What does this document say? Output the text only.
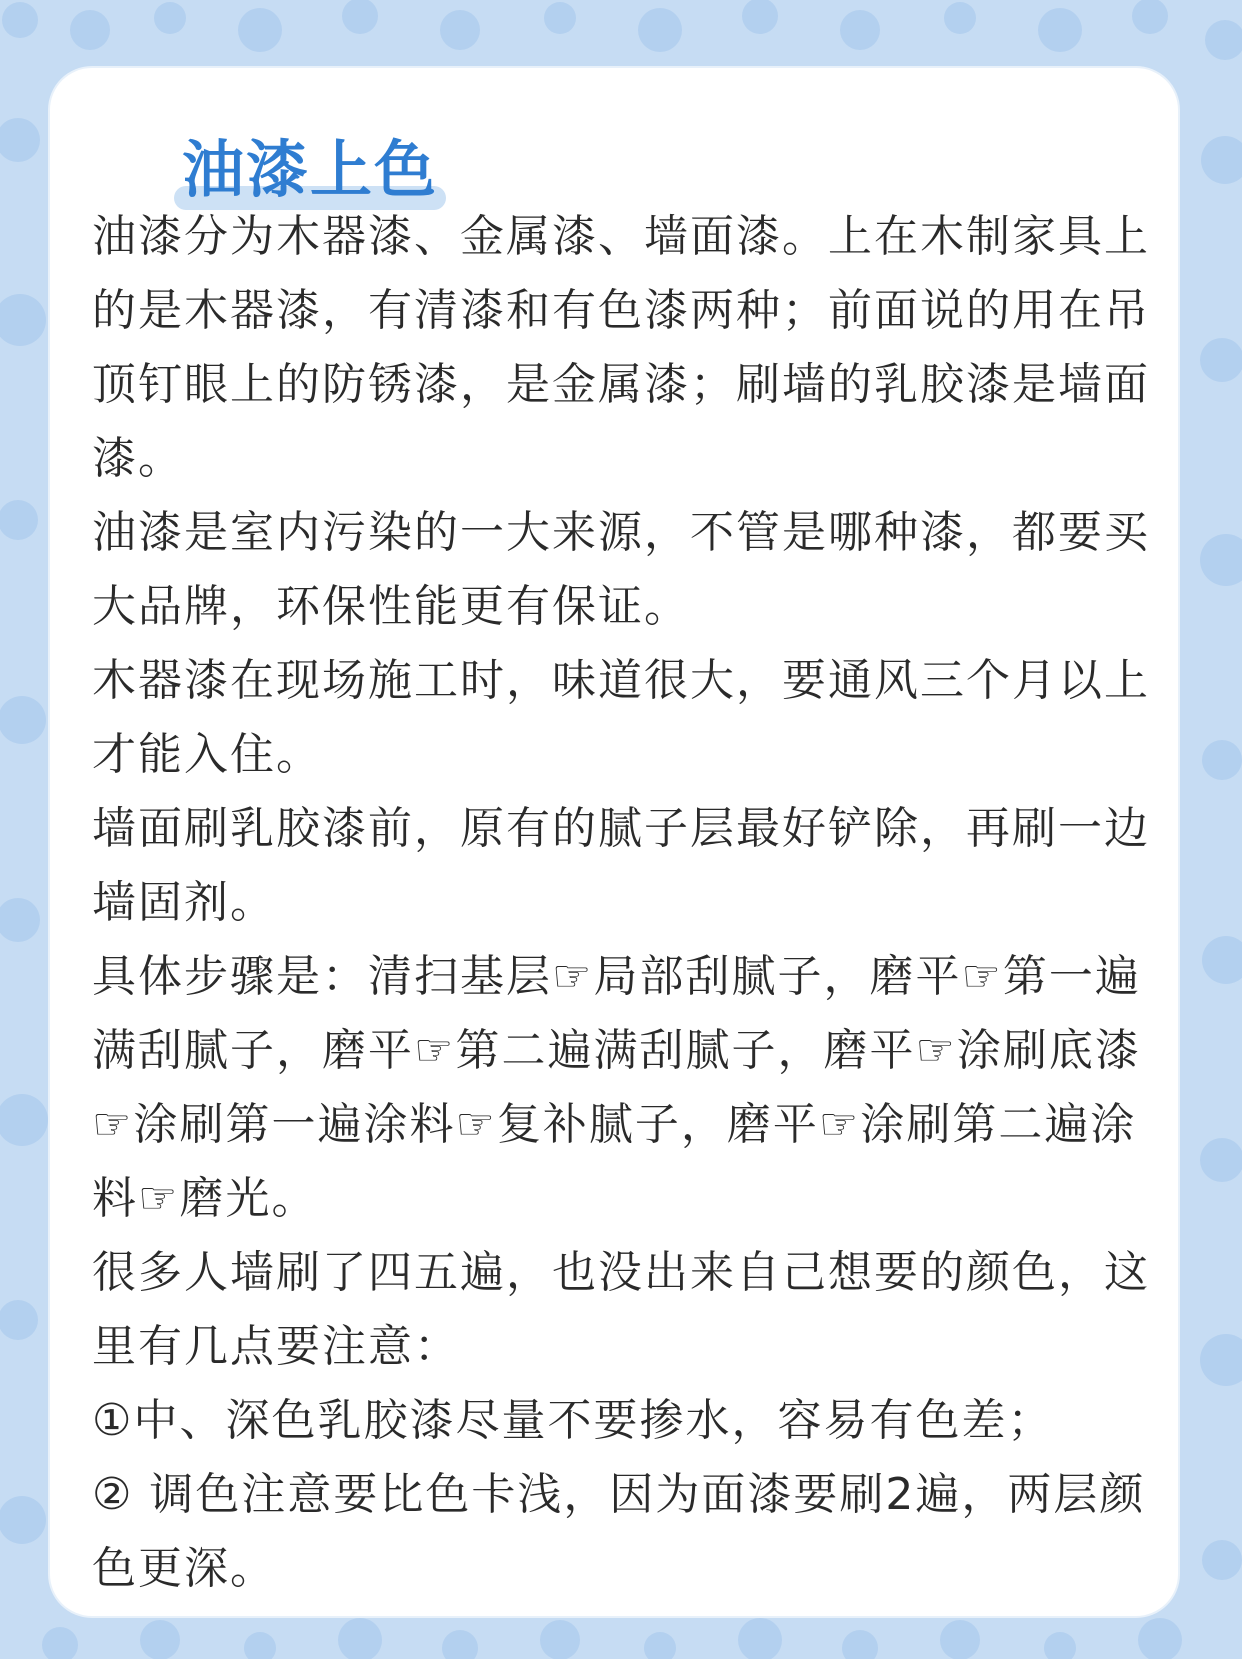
油漆上色

油漆分为木器漆、金属漆、墙面漆。上在木制家具上的是木器漆，有清漆和有色漆两种；前面说的用在吊顶钉眼上的防锈漆，是金属漆；刷墙的乳胶漆是墙面漆。

油漆是室内污染的一大来源，不管是哪种漆，都要买大品牌，环保性能更有保证。

木器漆在现场施工时，味道很大，要通风三个月以上才能入住。

墙面刷乳胶漆前，原有的腻子层最好铲除，再刷一边墙固剂。

具体步骤是：清扫基层☞局部刮腻子，磨平☞第一遍满刮腻子，磨平☞第二遍满刮腻子，磨平☞涂刷底漆☞涂刷第一遍涂料☞复补腻子，磨平☞涂刷第二遍涂料☞磨光。

很多人墙刷了四五遍，也没出来自己想要的颜色，这里有几点要注意：

①中、深色乳胶漆尽量不要掺水，容易有色差；

② 调色注意要比色卡浅，因为面漆要刷2遍，两层颜色更深。
